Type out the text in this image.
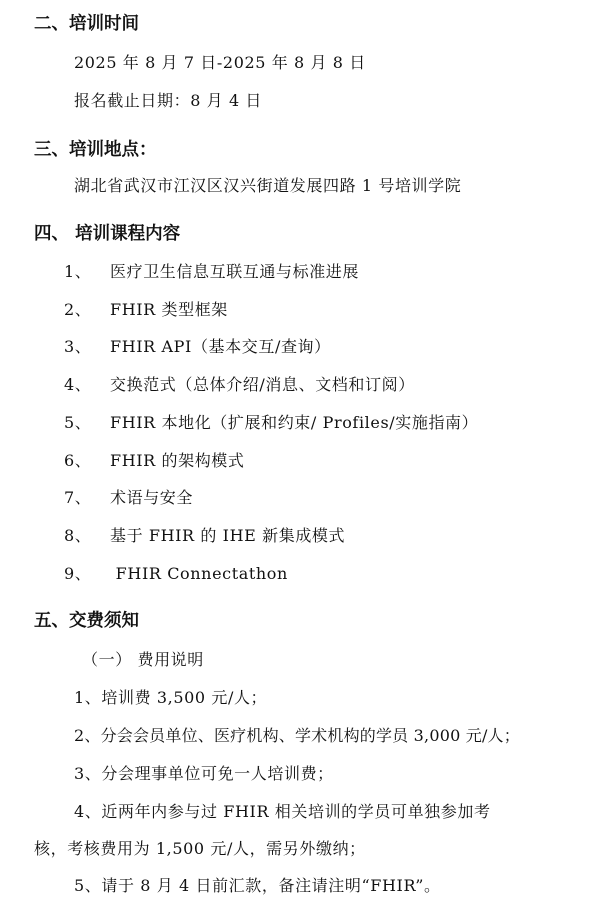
二、培训时间
2025 年 8 月 7 日-2025 年 8 月 8 日
报名截止日期：8 月 4 日
三、培训地点：
湖北省武汉市江汉区汉兴街道发展四路 1 号培训学院
四、 培训课程内容
1、 医疗卫生信息互联互通与标准进展
2、 FHIR 类型框架
3、 FHIR API（基本交互/查询）
4、 交换范式（总体介绍/消息、文档和订阅）
5、 FHIR 本地化（扩展和约束/ Profiles/实施指南）
6、 FHIR 的架构模式
7、 术语与安全
8、 基于 FHIR 的 IHE 新集成模式
9、 FHIR Connectathon
五、交费须知
（一） 费用说明
1、培训费 3,500 元/人；
2、分会会员单位、医疗机构、学术机构的学员 3,000 元/人；
3、分会理事单位可免一人培训费；
4、近两年内参与过 FHIR 相关培训的学员可单独参加考
核，考核费用为 1,500 元/人，需另外缴纳；
5、请于 8 月 4 日前汇款，备注请注明“FHIR”。
